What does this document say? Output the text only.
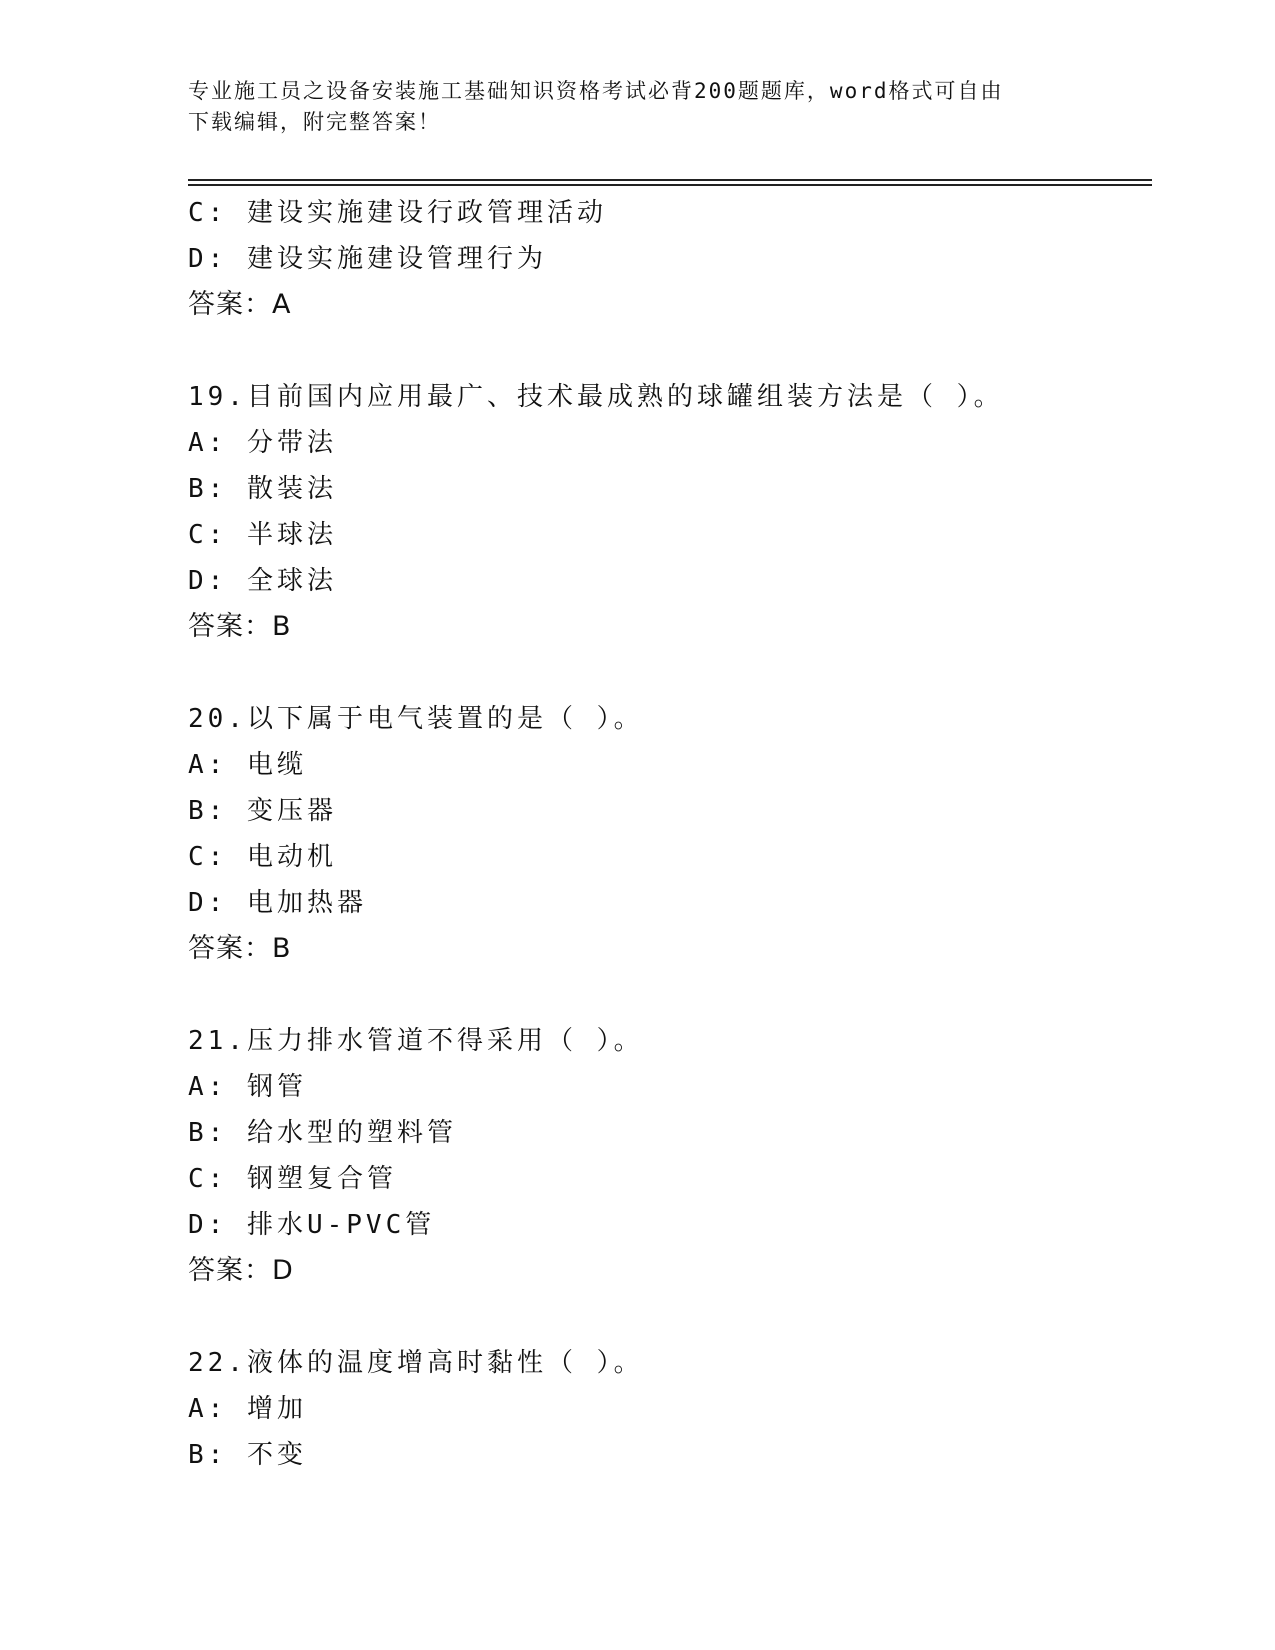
专业施工员之设备安装施工基础知识资格考试必背200题题库，word格式可自由
下载编辑，附完整答案！
C: 建设实施建设行政管理活动
D: 建设实施建设管理行为
答案：A
19.目前国内应用最广、技术最成熟的球罐组装方法是（ ）。
A: 分带法
B: 散装法
C: 半球法
D: 全球法
答案：B
20.以下属于电气装置的是（ ）。
A: 电缆
B: 变压器
C: 电动机
D: 电加热器
答案：B
21.压力排水管道不得采用（ ）。
A: 钢管
B: 给水型的塑料管
C: 钢塑复合管
D: 排水U-PVC管
答案：D
22.液体的温度增高时黏性（ ）。
A: 增加
B: 不变
